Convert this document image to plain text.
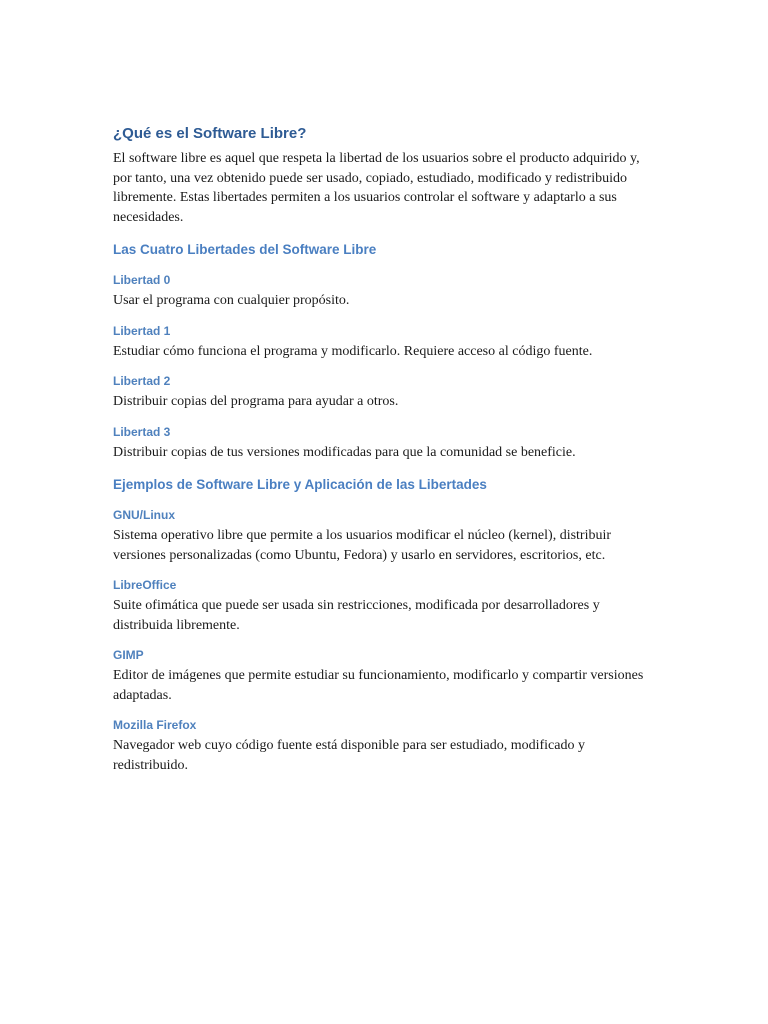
¿Qué es el Software Libre?

El software libre es aquel que respeta la libertad de los usuarios sobre el producto adquirido y, por tanto, una vez obtenido puede ser usado, copiado, estudiado, modificado y redistribuido libremente. Estas libertades permiten a los usuarios controlar el software y adaptarlo a sus necesidades.

Las Cuatro Libertades del Software Libre
Libertad 0

Usar el programa con cualquier propósito.

Libertad 1

Estudiar cómo funciona el programa y modificarlo. Requiere acceso al código fuente.

Libertad 2

Distribuir copias del programa para ayudar a otros.

Libertad 3

Distribuir copias de tus versiones modificadas para que la comunidad se beneficie.

Ejemplos de Software Libre y Aplicación de las Libertades
GNU/Linux

Sistema operativo libre que permite a los usuarios modificar el núcleo (kernel), distribuir versiones personalizadas (como Ubuntu, Fedora) y usarlo en servidores, escritorios, etc.

LibreOffice

Suite ofimática que puede ser usada sin restricciones, modificada por desarrolladores y distribuida libremente.

GIMP

Editor de imágenes que permite estudiar su funcionamiento, modificarlo y compartir versiones adaptadas.

Mozilla Firefox

Navegador web cuyo código fuente está disponible para ser estudiado, modificado y redistribuido.
